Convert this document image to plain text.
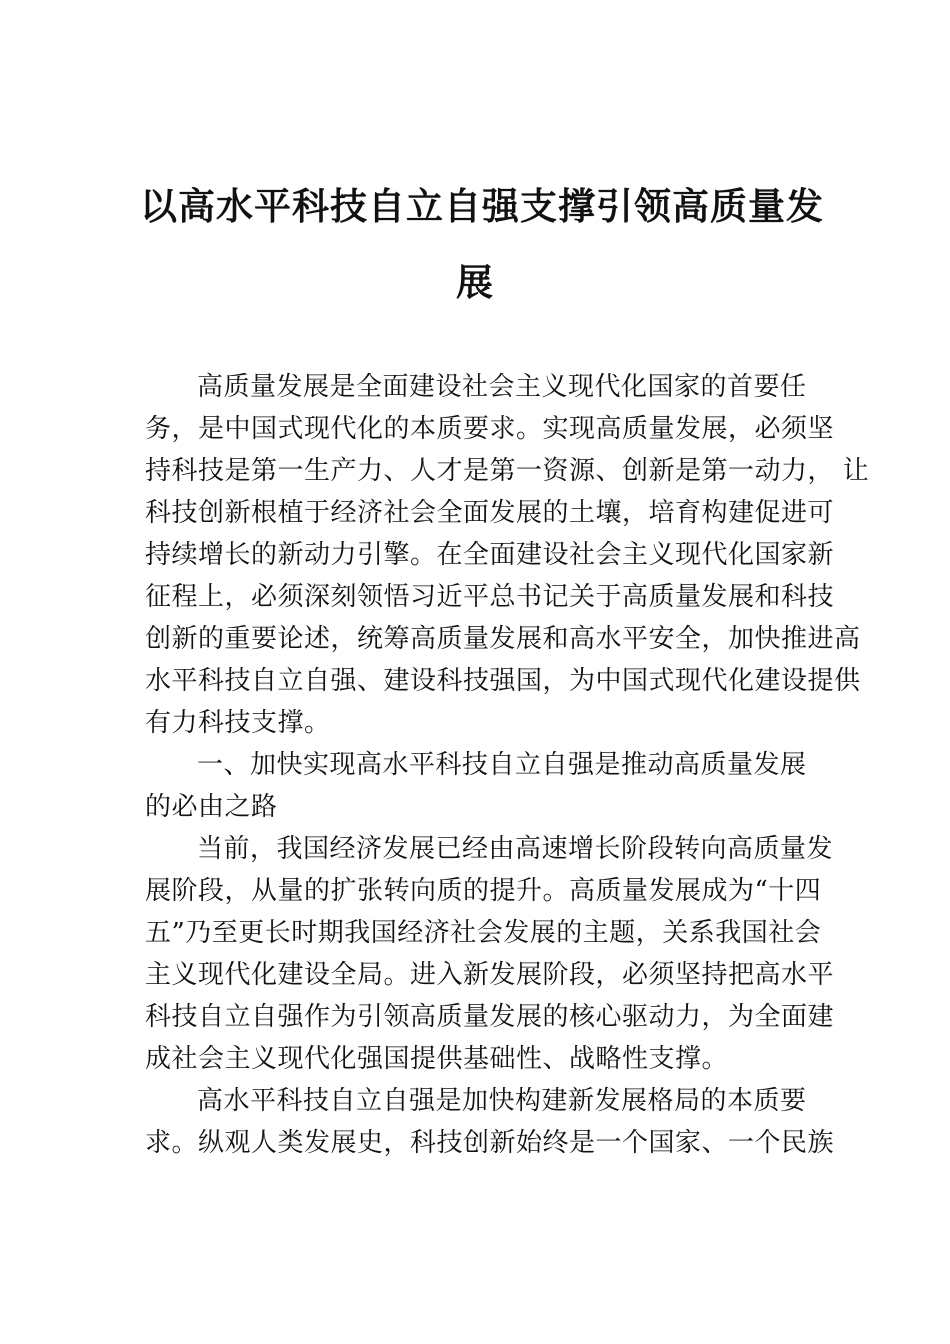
以高水平科技自立自强支撑引领高质量发
展
高质量发展是全面建设社会主义现代化国家的首要任
务，是中国式现代化的本质要求。实现高质量发展，必须坚
持科技是第一生产力、人才是第一资源、创新是第一动力， 让
科技创新根植于经济社会全面发展的土壤，培育构建促进可
持续增长的新动力引擎。在全面建设社会主义现代化国家新
征程上，必须深刻领悟习近平总书记关于高质量发展和科技
创新的重要论述，统筹高质量发展和高水平安全，加快推进高
水平科技自立自强、建设科技强国，为中国式现代化建设提供
有力科技支撑。
一、加快实现高水平科技自立自强是推动高质量发展
的必由之路
当前，我国经济发展已经由高速增长阶段转向高质量发
展阶段，从量的扩张转向质的提升。高质量发展成为“十四
五”乃至更长时期我国经济社会发展的主题，关系我国社会
主义现代化建设全局。进入新发展阶段，必须坚持把高水平
科技自立自强作为引领高质量发展的核心驱动力，为全面建
成社会主义现代化强国提供基础性、战略性支撑。
高水平科技自立自强是加快构建新发展格局的本质要
求。纵观人类发展史，科技创新始终是一个国家、一个民族
